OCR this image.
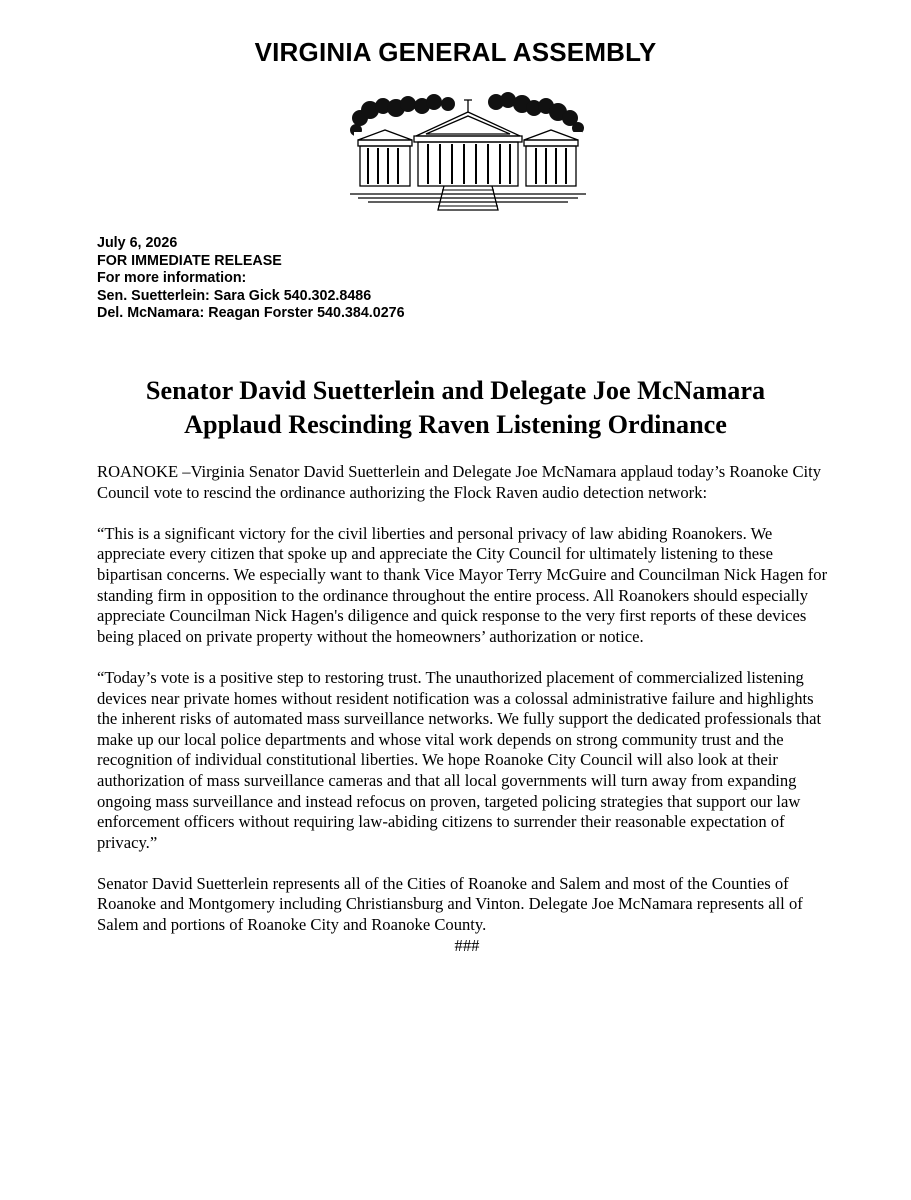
VIRGINIA GENERAL ASSEMBLY
July 6, 2026
FOR IMMEDIATE RELEASE
For more information:
Sen. Suetterlein: Sara Gick 540.302.8486
Del. McNamara: Reagan Forster 540.384.0276
Senator David Suetterlein and Delegate Joe McNamara
Applaud Rescinding Raven Listening Ordinance

ROANOKE –Virginia Senator David Suetterlein and Delegate Joe McNamara applaud today’s Roanoke City Council vote to rescind the ordinance authorizing the Flock Raven audio detection network:

“This is a significant victory for the civil liberties and personal privacy of law abiding Roanokers. We appreciate every citizen that spoke up and appreciate the City Council for ultimately listening to these bipartisan concerns. We especially want to thank Vice Mayor Terry McGuire and Councilman Nick Hagen for standing firm in opposition to the ordinance throughout the entire process. All Roanokers should especially appreciate Councilman Nick Hagen's diligence and quick response to the very first reports of these devices being placed on private property without the homeowners’ authorization or notice.

“Today’s vote is a positive step to restoring trust. The unauthorized placement of commercialized listening devices near private homes without resident notification was a colossal administrative failure and highlights the inherent risks of automated mass surveillance networks. We fully support the dedicated professionals that make up our local police departments and whose vital work depends on strong community trust and the recognition of individual constitutional liberties. We hope Roanoke City Council will also look at their authorization of mass surveillance cameras and that all local governments will turn away from expanding ongoing mass surveillance and instead refocus on proven, targeted policing strategies that support our law enforcement officers without requiring law-abiding citizens to surrender their reasonable expectation of privacy.”

Senator David Suetterlein represents all of the Cities of Roanoke and Salem and most of the Counties of Roanoke and Montgomery including Christiansburg and Vinton. Delegate Joe McNamara represents all of Salem and portions of Roanoke City and Roanoke County.

###
